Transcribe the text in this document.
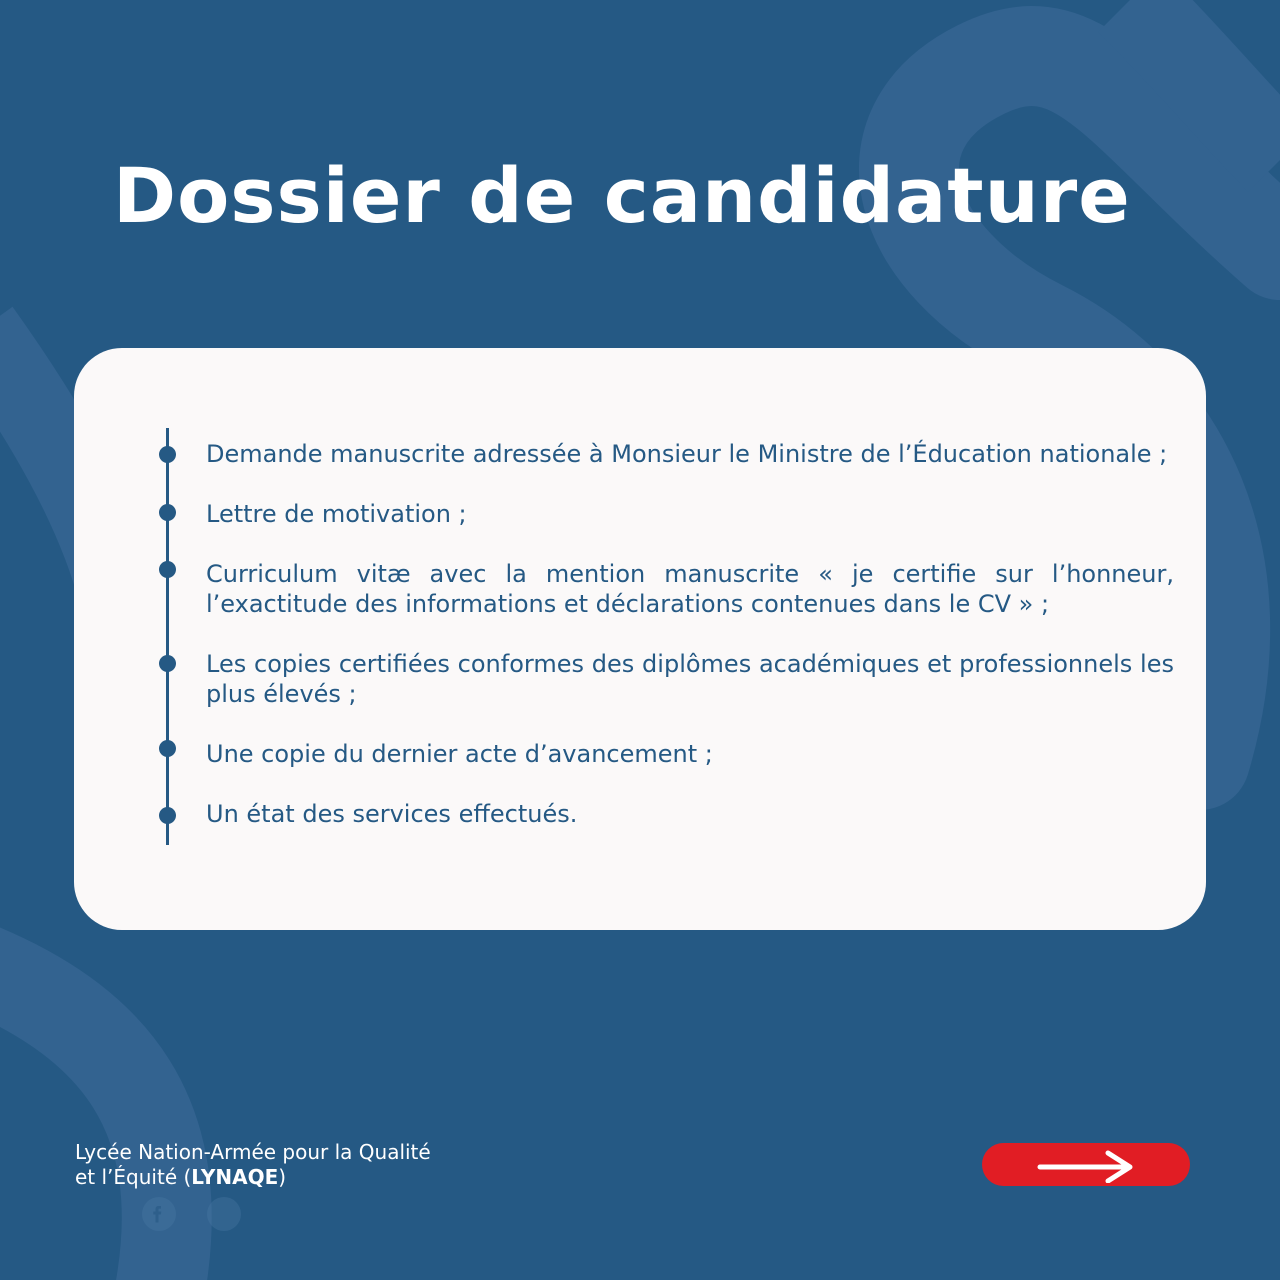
Dossier de candidature

Demande manuscrite adressée à Monsieur le Ministre de l’Éducation nationale ;

Lettre de motivation ;

Curriculum vitæ avec la mention manuscrite « je certifie sur l’honneur, l’exactitude des informations et déclarations contenues dans le CV » ;

Les copies certifiées conformes des diplômes académiques et professionnels les plus élevés ;

Une copie du dernier acte d’avancement ;

Un état des services effectués.

Lycée Nation-Armée pour la Qualité
et l’Équité (LYNAQE)
